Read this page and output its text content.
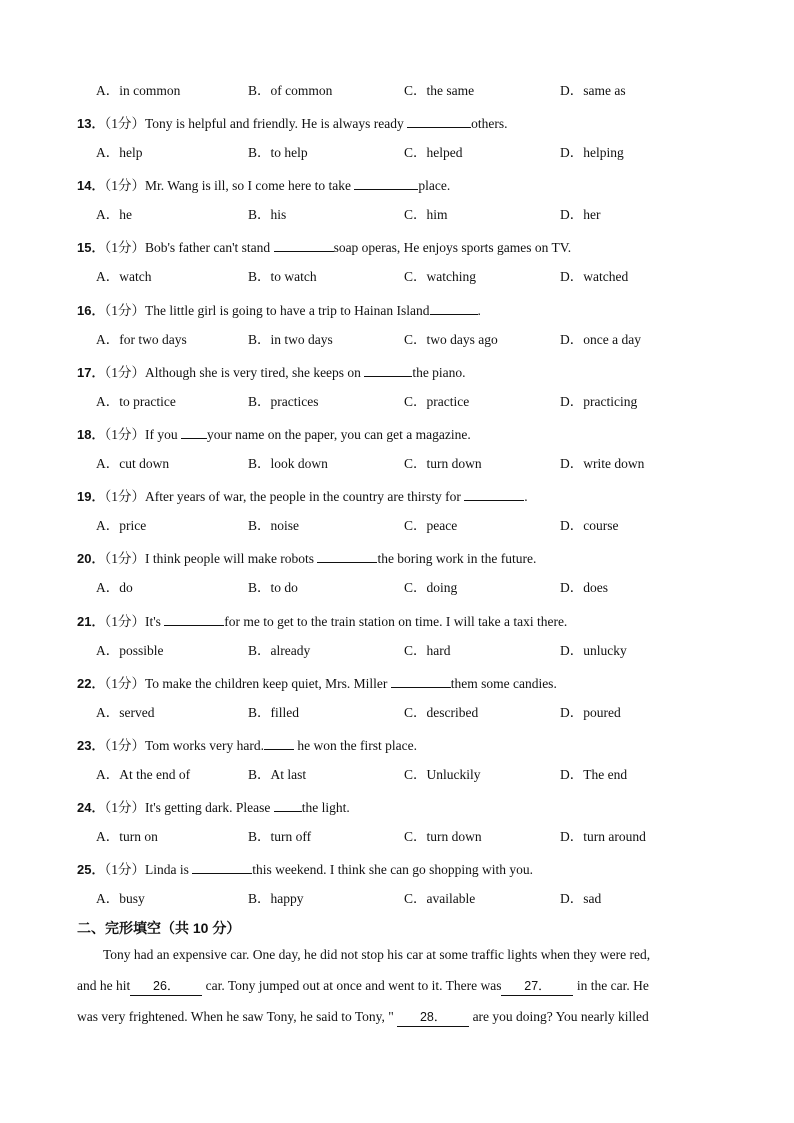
A．in common	B．of common	C．the same	D．same as
13．（1分）Tony is helpful and friendly. He is always ready	others.
A．help	B．to help	C．helped	D．helping
14．（1分）Mr. Wang is ill, so I come here to take	place.
A．he	B．his	C．him	D．her
15．（1分）Bob's father can't stand	soap operas, He enjoys sports games on TV.
A．watch	B．to watch	C．watching	D．watched
16．（1分）The little girl is going to have a trip to Hainan Island	.
A．for two days	B．in two days	C．two days ago	D．once a day
17．（1分）Although she is very tired, she keeps on	the piano.
A．to practice	B．practices	C．practice	D．practicing
18．（1分）If you your name on the paper, you can get a magazine.
A．cut down	B．look down	C．turn down	D．write down
19．（1分）After years of war, the people in the country are thirsty for	.
A．price	B．noise	C．peace	D．course
20．（1分）I think people will make robots	the boring work in the future.
A．do	B．to do	C．doing	D．does
21．（1分）It's	for me to get to the train station on time. I will take a taxi there.
A．possible	B．already	C．hard	D．unlucky
22．（1分）To make the children keep quiet, Mrs. Miller	them some candies.
A．served	B．filled	C．described	D．poured
23．（1分）Tom works very hard. he won the first place.
A．At the end of	B．At last	C．Unluckily	D．The end
24．（1分）It's getting dark. Please the light.
A．turn on	B．turn off	C．turn down	D．turn around
25．（1分）Linda is	this weekend. I think she can go shopping with you.
A．busy	B．happy	C．available	D．sad
二、完形填空（共 10 分）
Tony had an expensive car. One day, he did not stop his car at some traffic lights when they were red,
and he hit 26． car. Tony jumped out at once and went to it. There was 27． in the car. He
was very frightened. When he saw Tony, he said to Tony, " 28． are you doing? You nearly killed
